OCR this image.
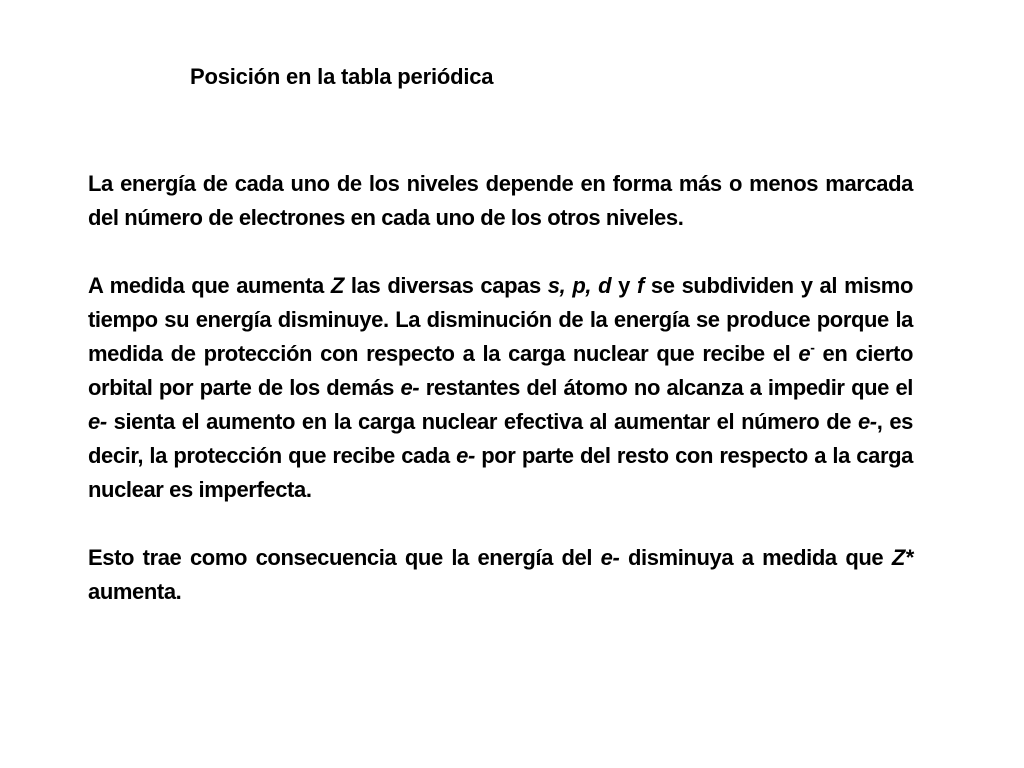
Posición en la tabla periódica

La energía de cada uno de los niveles depende en forma más o menos marcada del número de electrones en cada uno de los otros niveles.

A medida que aumenta Z las diversas capas s, p, d y f se subdividen y al mismo tiempo su energía disminuye. La disminución de la energía se produce porque la medida de protección con respecto a la carga nuclear que recibe el e- en cierto orbital por parte de los demás e- restantes del átomo no alcanza a impedir que el e- sienta el aumento en la carga nuclear efectiva al aumentar el número de e-, es decir, la protección que recibe cada e- por parte del resto con respecto a la carga nuclear es imperfecta.

Esto trae como consecuencia que la energía del e- disminuya a medida que Z* aumenta.
